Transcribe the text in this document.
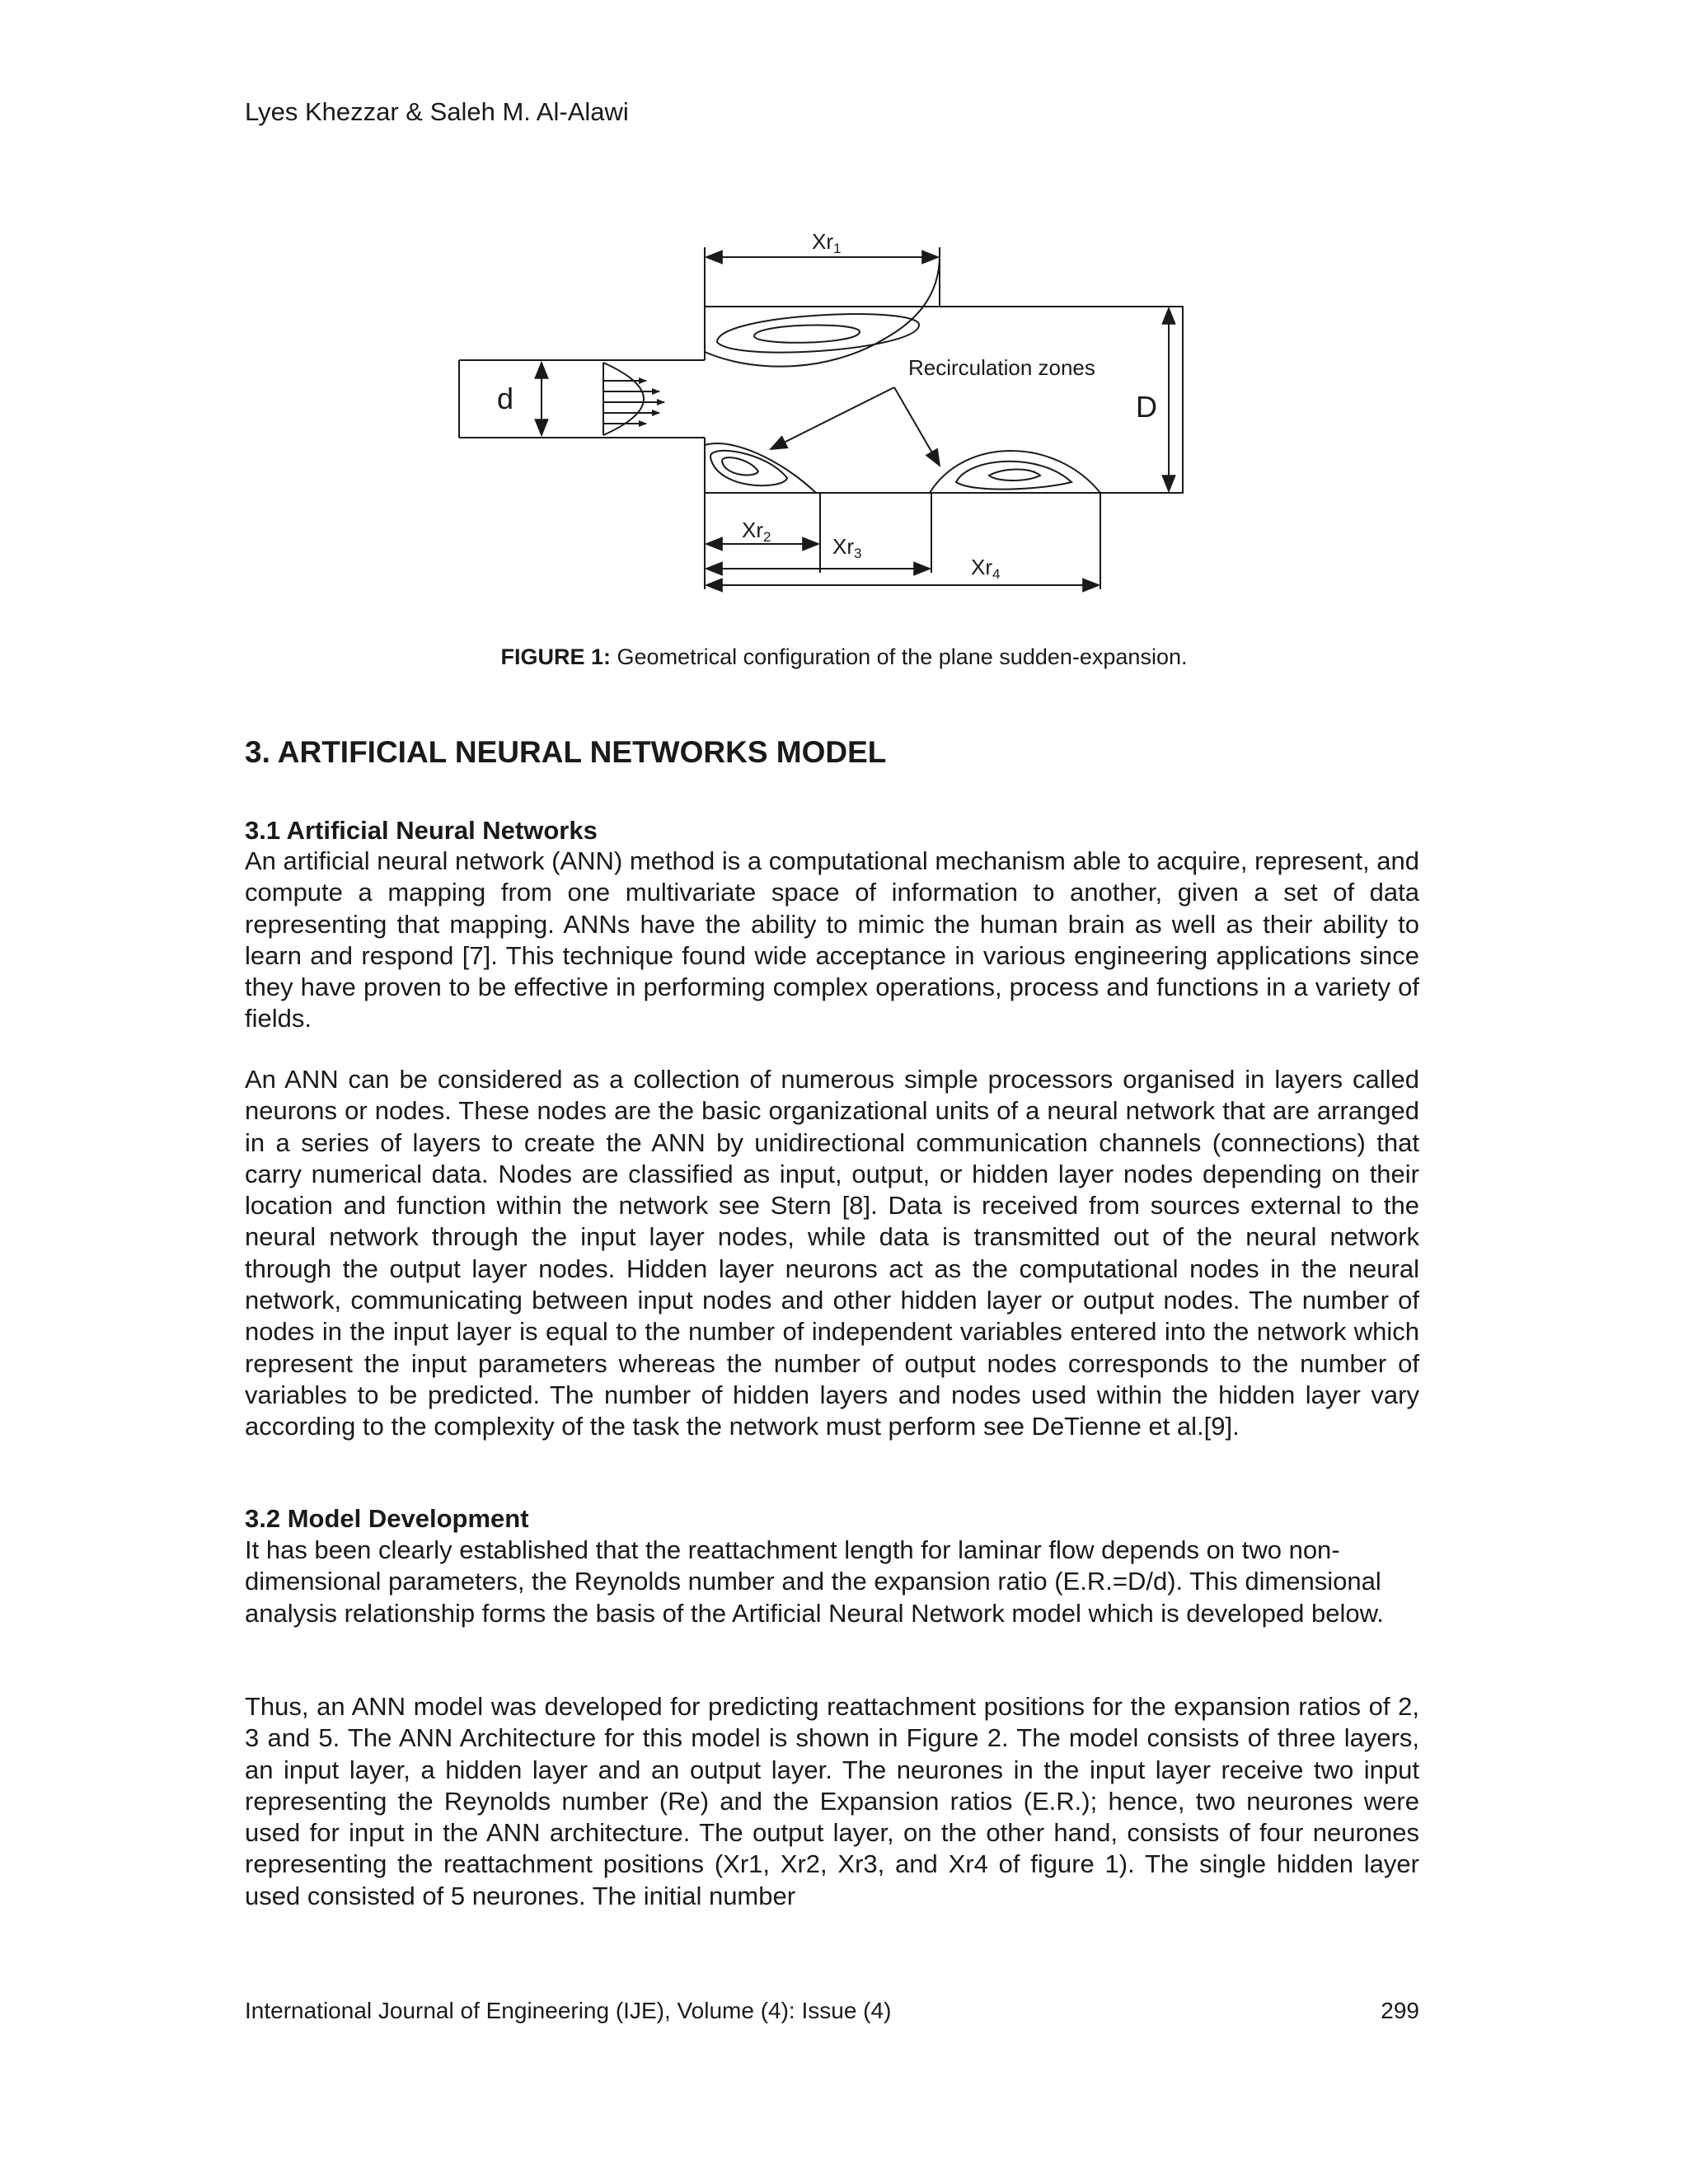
Lyes Khezzar & Saleh M. Al-Alawi
Xr1
Xr2	Xr3
Xr4
Recirculation zones
d	D
FIGURE 1: Geometrical configuration of the plane sudden-expansion.
3. ARTIFICIAL NEURAL NETWORKS MODEL
3.1 Artificial Neural Networks

An artificial neural network (ANN) method is a computational mechanism able to acquire, represent, and compute a mapping from one multivariate space of information to another, given a set of data representing that mapping. ANNs have the ability to mimic the human brain as well as their ability to learn and respond [7]. This technique found wide acceptance in various engineering applications since they have proven to be effective in performing complex operations, process and functions in a variety of fields.

An ANN can be considered as a collection of numerous simple processors organised in layers called neurons or nodes. These nodes are the basic organizational units of a neural network that are arranged in a series of layers to create the ANN by unidirectional communication channels (connections) that carry numerical data. Nodes are classified as input, output, or hidden layer nodes depending on their location and function within the network see Stern [8]. Data is received from sources external to the neural network through the input layer nodes, while data is transmitted out of the neural network through the output layer nodes. Hidden layer neurons act as the computational nodes in the neural network, communicating between input nodes and other hidden layer or output nodes. The number of nodes in the input layer is equal to the number of independent variables entered into the network which represent the input parameters whereas the number of output nodes corresponds to the number of variables to be predicted. The number of hidden layers and nodes used within the hidden layer vary according to the complexity of the task the network must perform see DeTienne et al.[9].

3.2 Model Development

It has been clearly established that the reattachment length for laminar flow depends on two non-dimensional parameters, the Reynolds number and the expansion ratio (E.R.=D/d). This dimensional analysis relationship forms the basis of the Artificial Neural Network model which is developed below.

Thus, an ANN model was developed for predicting reattachment positions for the expansion ratios of 2, 3 and 5. The ANN Architecture for this model is shown in Figure 2. The model consists of three layers, an input layer, a hidden layer and an output layer. The neurones in the input layer receive two input representing the Reynolds number (Re) and the Expansion ratios (E.R.); hence, two neurones were used for input in the ANN architecture. The output layer, on the other hand, consists of four neurones representing the reattachment positions (Xr1, Xr2, Xr3, and Xr4 of figure 1). The single hidden layer used consisted of 5 neurones. The initial number

International Journal of Engineering (IJE), Volume (4): Issue (4)	299
